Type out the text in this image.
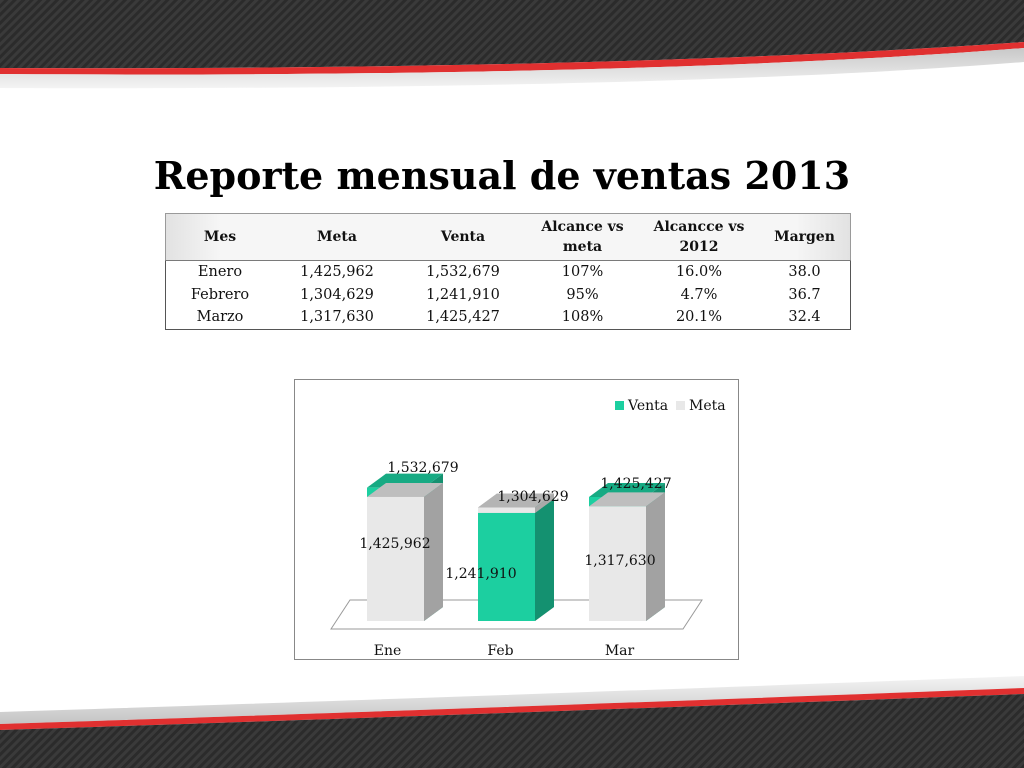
Reporte mensual de ventas 2013
Mes	Meta	Venta	Alcance vs meta	Alcancce vs 2012	Margen
Enero	1,425,962	1,532,679	107%	16.0%	38.0
Febrero	1,304,629	1,241,910	95%	4.7%	36.7
Marzo	1,317,630	1,425,427	108%	20.1%	32.4
1,532,679
1,425,962
Ene
1,241,910
1,304,629
Feb
1,425,427
1,317,630
Mar
Venta Meta
